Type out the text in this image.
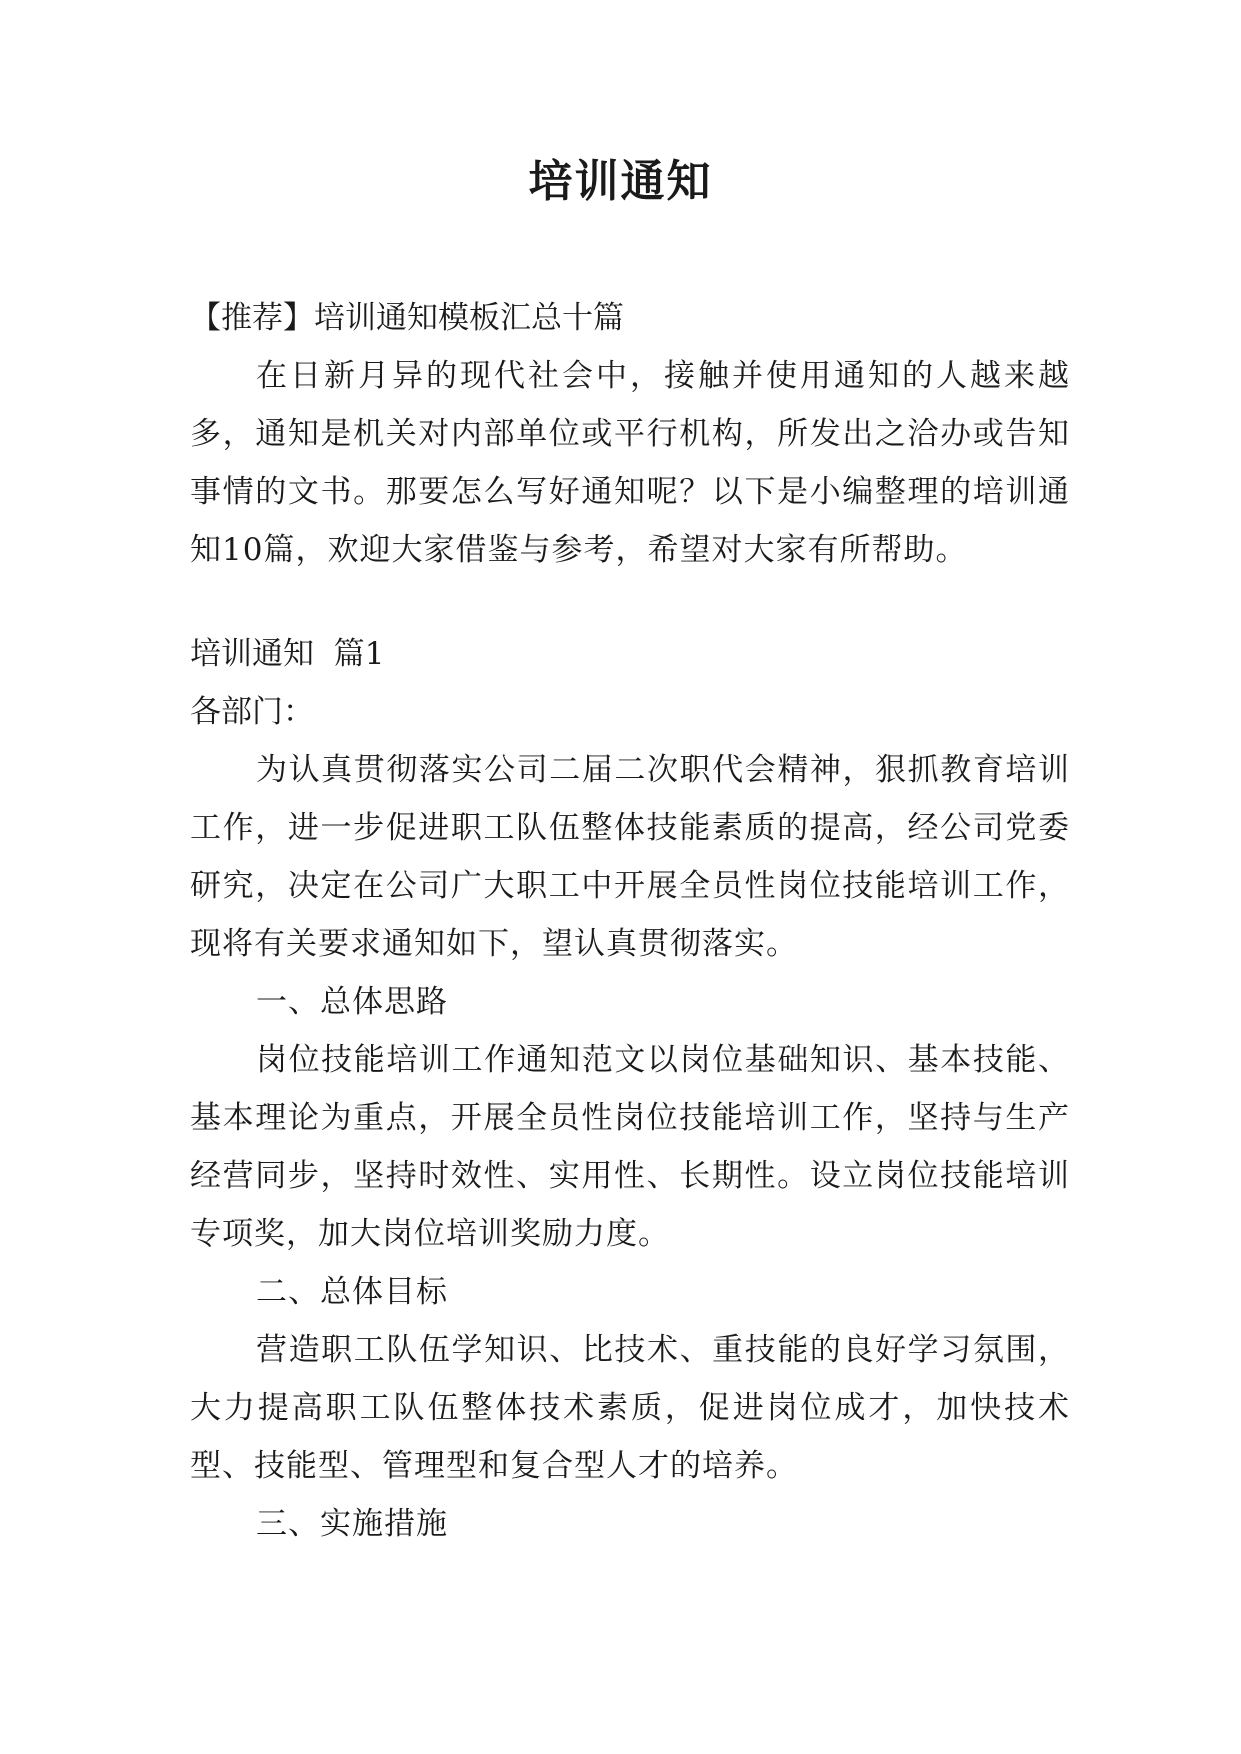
培训通知

【推荐】培训通知模板汇总十篇

在日新月异的现代社会中，接触并使用通知的人越来越多，通知是机关对内部单位或平行机构，所发出之洽办或告知事情的文书。那要怎么写好通知呢？以下是小编整理的培训通知10篇，欢迎大家借鉴与参考，希望对大家有所帮助。

培训通知  篇1

各部门：

为认真贯彻落实公司二届二次职代会精神，狠抓教育培训工作，进一步促进职工队伍整体技能素质的提高，经公司党委研究，决定在公司广大职工中开展全员性岗位技能培训工作，现将有关要求通知如下，望认真贯彻落实。

一、总体思路

岗位技能培训工作通知范文以岗位基础知识、基本技能、基本理论为重点，开展全员性岗位技能培训工作，坚持与生产经营同步，坚持时效性、实用性、长期性。设立岗位技能培训专项奖，加大岗位培训奖励力度。

二、总体目标

营造职工队伍学知识、比技术、重技能的良好学习氛围，大力提高职工队伍整体技术素质，促进岗位成才，加快技术型、技能型、管理型和复合型人才的培养。

三、实施措施
